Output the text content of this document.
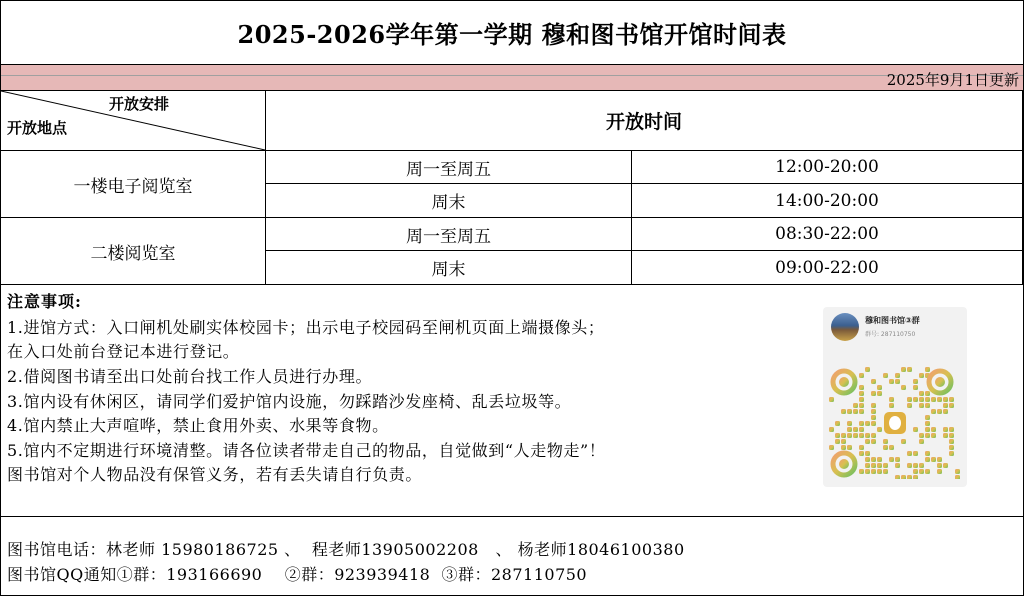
2025-2026学年第一学期 穆和图书馆开馆时间表
2025年9月1日更新
开放安排
开放地点	开放时间
一楼电子阅览室
周一至周五	12:00-20:00
周末	14:00-20:00
二楼阅览室
周一至周五	08:30-22:00
周末	09:00-22:00
注意事项:
1.进馆方式：入口闸机处刷实体校园卡；出示电子校园码至闸机页面上端摄像头；
在入口处前台登记本进行登记。
2.借阅图书请至出口处前台找工作人员进行办理。
3.馆内设有休闲区，请同学们爱护馆内设施，勿踩踏沙发座椅、乱丢垃圾等。
4.馆内禁止大声喧哗，禁止食用外卖、水果等食物。
5.馆内不定期进行环境清整。请各位读者带走自己的物品，自觉做到“人走物走”！
图书馆对个人物品没有保管义务，若有丢失请自行负责。
穆和图书馆③群
群号: 287110750
图书馆电话：林老师 15980186725 、  程老师13905002208   、 杨老师18046100380
图书馆QQ通知①群：193166690    ②群：923939418  ③群：287110750
